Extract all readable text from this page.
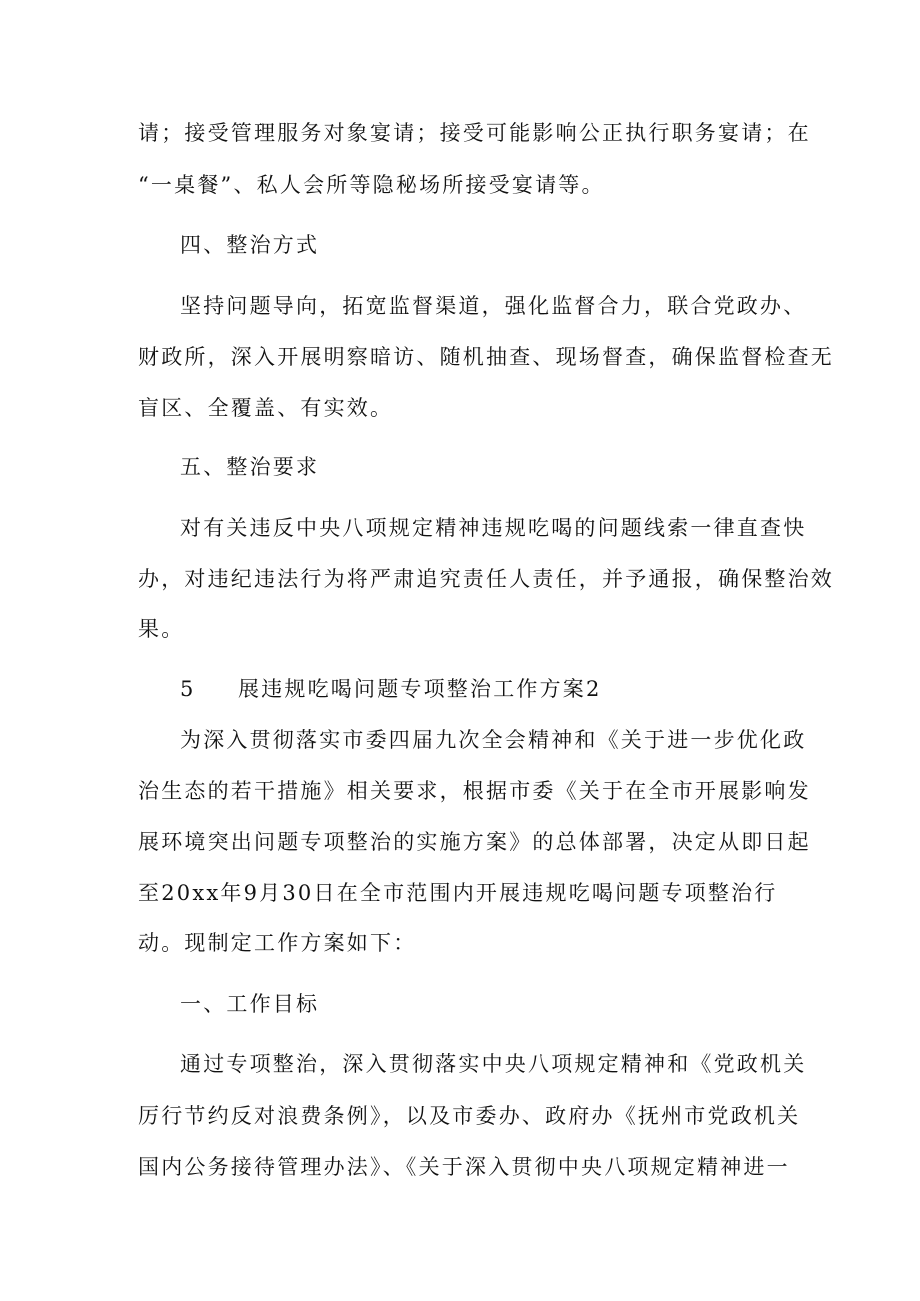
请；接受管理服务对象宴请；接受可能影响公正执行职务宴请；在
“一桌餐”、私人会所等隐秘场所接受宴请等。
四、整治方式
坚持问题导向，拓宽监督渠道，强化监督合力，联合党政办、
财政所，深入开展明察暗访、随机抽查、现场督查，确保监督检查无
盲区、全覆盖、有实效。
五、整治要求
对有关违反中央八项规定精神违规吃喝的问题线索一律直查快
办，对违纪违法行为将严肃追究责任人责任，并予通报，确保整治效
果。
5 展违规吃喝问题专项整治工作方案2
为深入贯彻落实市委四届九次全会精神和《关于进一步优化政
治生态的若干措施》相关要求，根据市委《关于在全市开展影响发
展环境突出问题专项整治的实施方案》的总体部署，决定从即日起
至20xx年9月30日在全市范围内开展违规吃喝问题专项整治行
动。现制定工作方案如下：
一、工作目标
通过专项整治，深入贯彻落实中央八项规定精神和《党政机关
厉行节约反对浪费条例》，以及市委办、政府办《抚州市党政机关
国内公务接待管理办法》、《关于深入贯彻中央八项规定精神进一
